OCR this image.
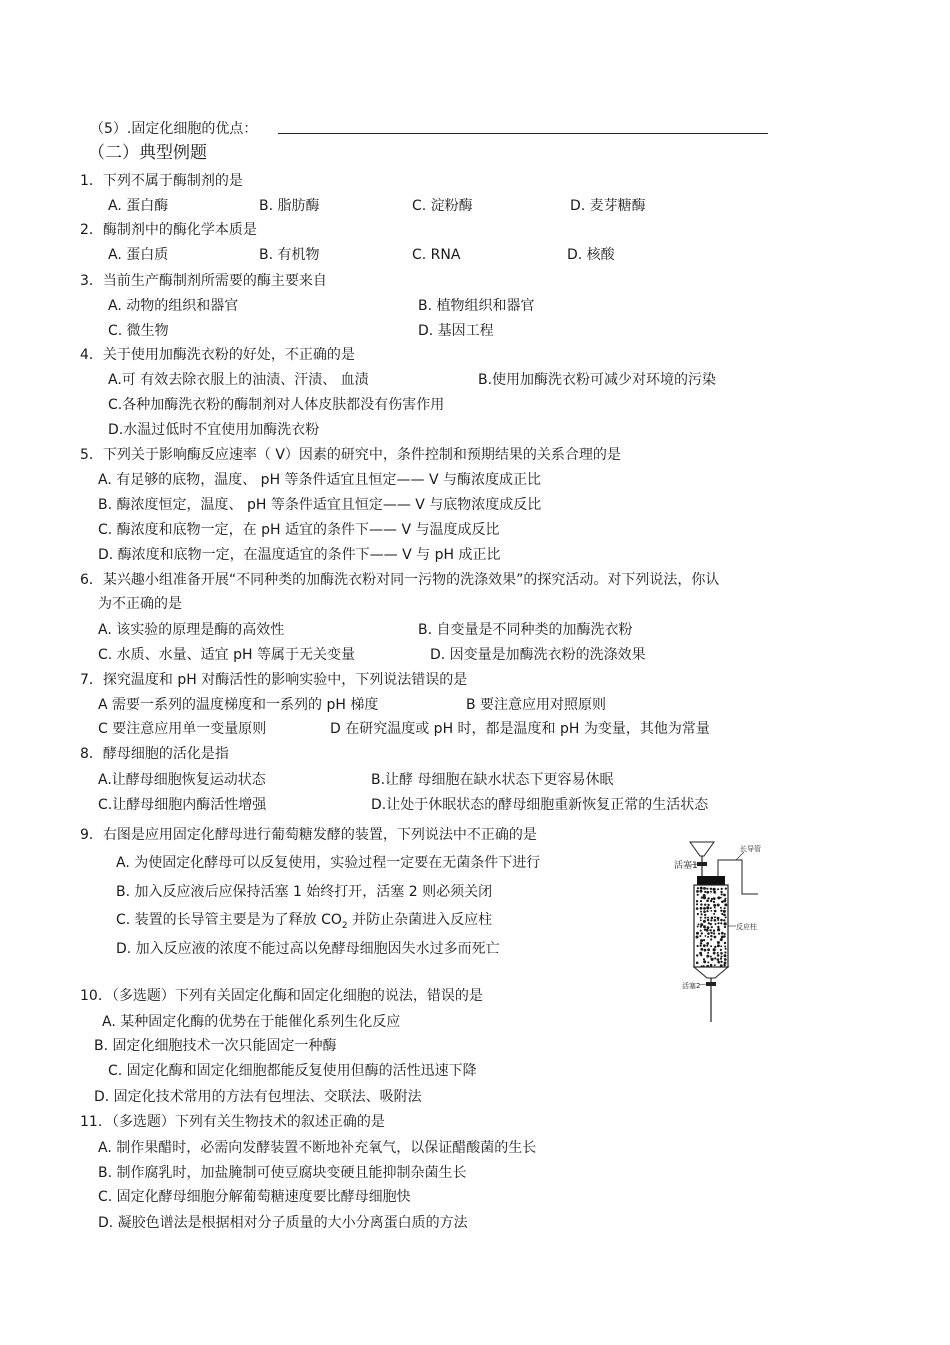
（5）.固定化细胞的优点：
（二）典型例题
1．下列不属于酶制剂的是
A. 蛋白酶	B. 脂肪酶	C. 淀粉酶	D. 麦芽糖酶
2．酶制剂中的酶化学本质是
A. 蛋白质	B. 有机物	C. RNA	D. 核酸
3．当前生产酶制剂所需要的酶主要来自
A. 动物的组织和器官	B. 植物组织和器官
C. 微生物	D. 基因工程
4．关于使用加酶洗衣粉的好处，不正确的是
A.可 有效去除衣服上的油渍、汗渍、 血渍	B.使用加酶洗衣粉可减少对环境的污染
C.各种加酶洗衣粉的酶制剂对人体皮肤都没有伤害作用
D.水温过低时不宜使用加酶洗衣粉
5．下列关于影响酶反应速率（ V）因素的研究中，条件控制和预期结果的关系合理的是
A. 有足够的底物，温度、 pH 等条件适宜且恒定—— V 与酶浓度成正比
B. 酶浓度恒定，温度、 pH 等条件适宜且恒定—— V 与底物浓度成反比
C. 酶浓度和底物一定，在 pH 适宜的条件下—— V 与温度成反比
D. 酶浓度和底物一定，在温度适宜的条件下—— V 与 pH 成正比
6．某兴趣小组准备开展“不同种类的加酶洗衣粉对同一污物的洗涤效果”的探究活动。对下列说法，你认
为不正确的是
A. 该实验的原理是酶的高效性	B. 自变量是不同种类的加酶洗衣粉
C. 水质、水量、适宜 pH 等属于无关变量	D. 因变量是加酶洗衣粉的洗涤效果
7．探究温度和 pH 对酶活性的影响实验中，下列说法错误的是
A 需要一系列的温度梯度和一系列的 pH 梯度	B 要注意应用对照原则
C 要注意应用单一变量原则	D 在研究温度或 pH 时，都是温度和 pH 为变量，其他为常量
8．酵母细胞的活化是指
A.让酵母细胞恢复运动状态	B.让酵 母细胞在缺水状态下更容易休眠
C.让酵母细胞内酶活性增强	D.让处于休眠状态的酵母细胞重新恢复正常的生活状态
9．右图是应用固定化酵母进行葡萄糖发酵的装置，下列说法中不正确的是
A. 为使固定化酵母可以反复使用，实验过程一定要在无菌条件下进行
B. 加入反应液后应保持活塞 1 始终打开，活塞 2 则必须关闭
C. 装置的长导管主要是为了释放 $CO_2$ 并防止杂菌进入反应柱
D. 加入反应液的浓度不能过高以免酵母细胞因失水过多而死亡
活塞1
长导管
反应柱
活塞2
10．（多选题）下列有关固定化酶和固定化细胞的说法，错误的是
A. 某种固定化酶的优势在于能催化系列生化反应
B. 固定化细胞技术一次只能固定一种酶
C. 固定化酶和固定化细胞都能反复使用但酶的活性迅速下降
D. 固定化技术常用的方法有包埋法、交联法、吸附法
11．（多选题）下列有关生物技术的叙述正确的是
A. 制作果醋时，必需向发酵装置不断地补充氧气，以保证醋酸菌的生长
B. 制作腐乳时，加盐腌制可使豆腐块变硬且能抑制杂菌生长
C. 固定化酵母细胞分解葡萄糖速度要比酵母细胞快
D. 凝胶色谱法是根据相对分子质量的大小分离蛋白质的方法
